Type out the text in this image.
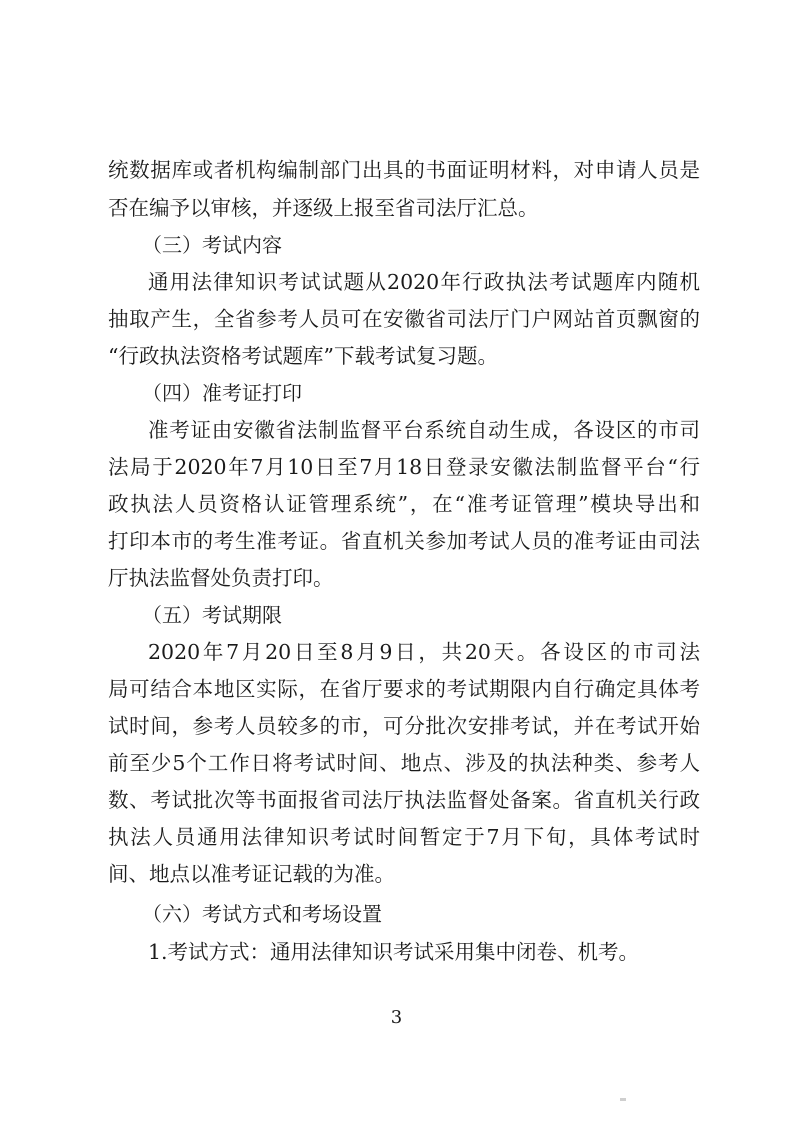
统数据库或者机构编制部门出具的书面证明材料，对申请人员是
否在编予以审核，并逐级上报至省司法厅汇总。
（三）考试内容
通用法律知识考试试题从2020年行政执法考试题库内随机
抽取产生，全省参考人员可在安徽省司法厅门户网站首页飘窗的
“行政执法资格考试题库”下载考试复习题。
（四）准考证打印
准考证由安徽省法制监督平台系统自动生成，各设区的市司
法局于2020年7月10日至7月18日登录安徽法制监督平台“行
政执法人员资格认证管理系统”，在“准考证管理”模块导出和
打印本市的考生准考证。省直机关参加考试人员的准考证由司法
厅执法监督处负责打印。
（五）考试期限
2020年7月20日至8月9日，共20天。各设区的市司法
局可结合本地区实际，在省厅要求的考试期限内自行确定具体考
试时间，参考人员较多的市，可分批次安排考试，并在考试开始
前至少5个工作日将考试时间、地点、涉及的执法种类、参考人
数、考试批次等书面报省司法厅执法监督处备案。省直机关行政
执法人员通用法律知识考试时间暂定于7月下旬，具体考试时
间、地点以准考证记载的为准。
（六）考试方式和考场设置
1.考试方式：通用法律知识考试采用集中闭卷、机考。
3
